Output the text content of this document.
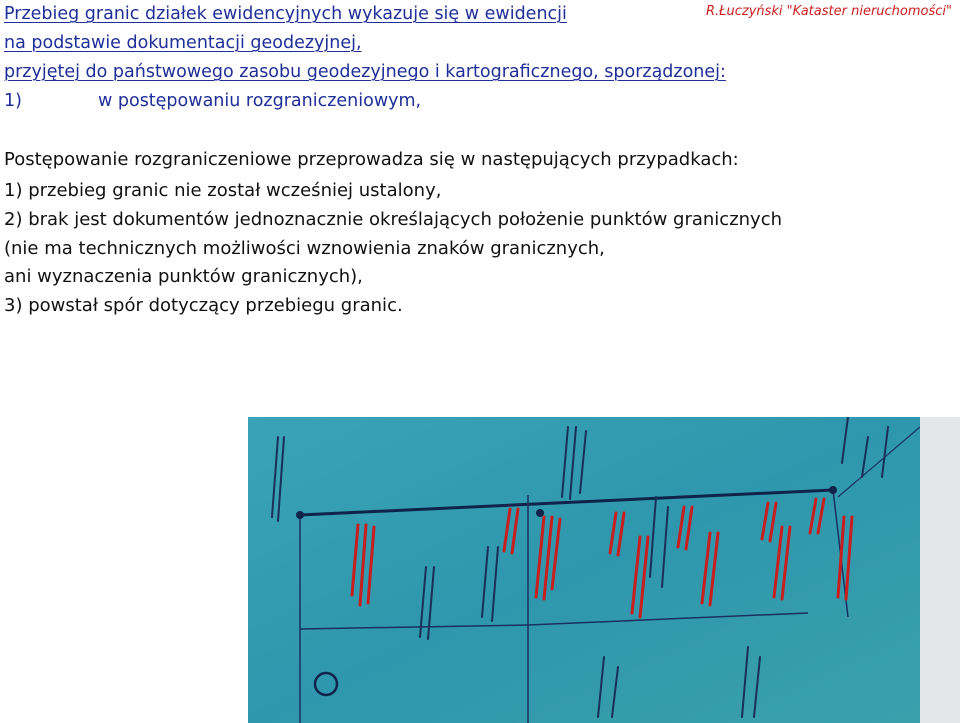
Przebieg granic działek ewidencyjnych wykazuje się w ewidencji	R.Łuczyński "Kataster nieruchomości"
na podstawie dokumentacji geodezyjnej,
przyjętej do państwowego zasobu geodezyjnego i kartograficznego, sporządzonej:
1)	w postępowaniu rozgraniczeniowym,
Postępowanie rozgraniczeniowe przeprowadza się w następujących przypadkach:
1) przebieg granic nie został wcześniej ustalony,
2) brak jest dokumentów jednoznacznie określających położenie punktów granicznych
(nie ma technicznych możliwości wznowienia znaków granicznych,
ani wyznaczenia punktów granicznych),
3) powstał spór dotyczący przebiegu granic.
